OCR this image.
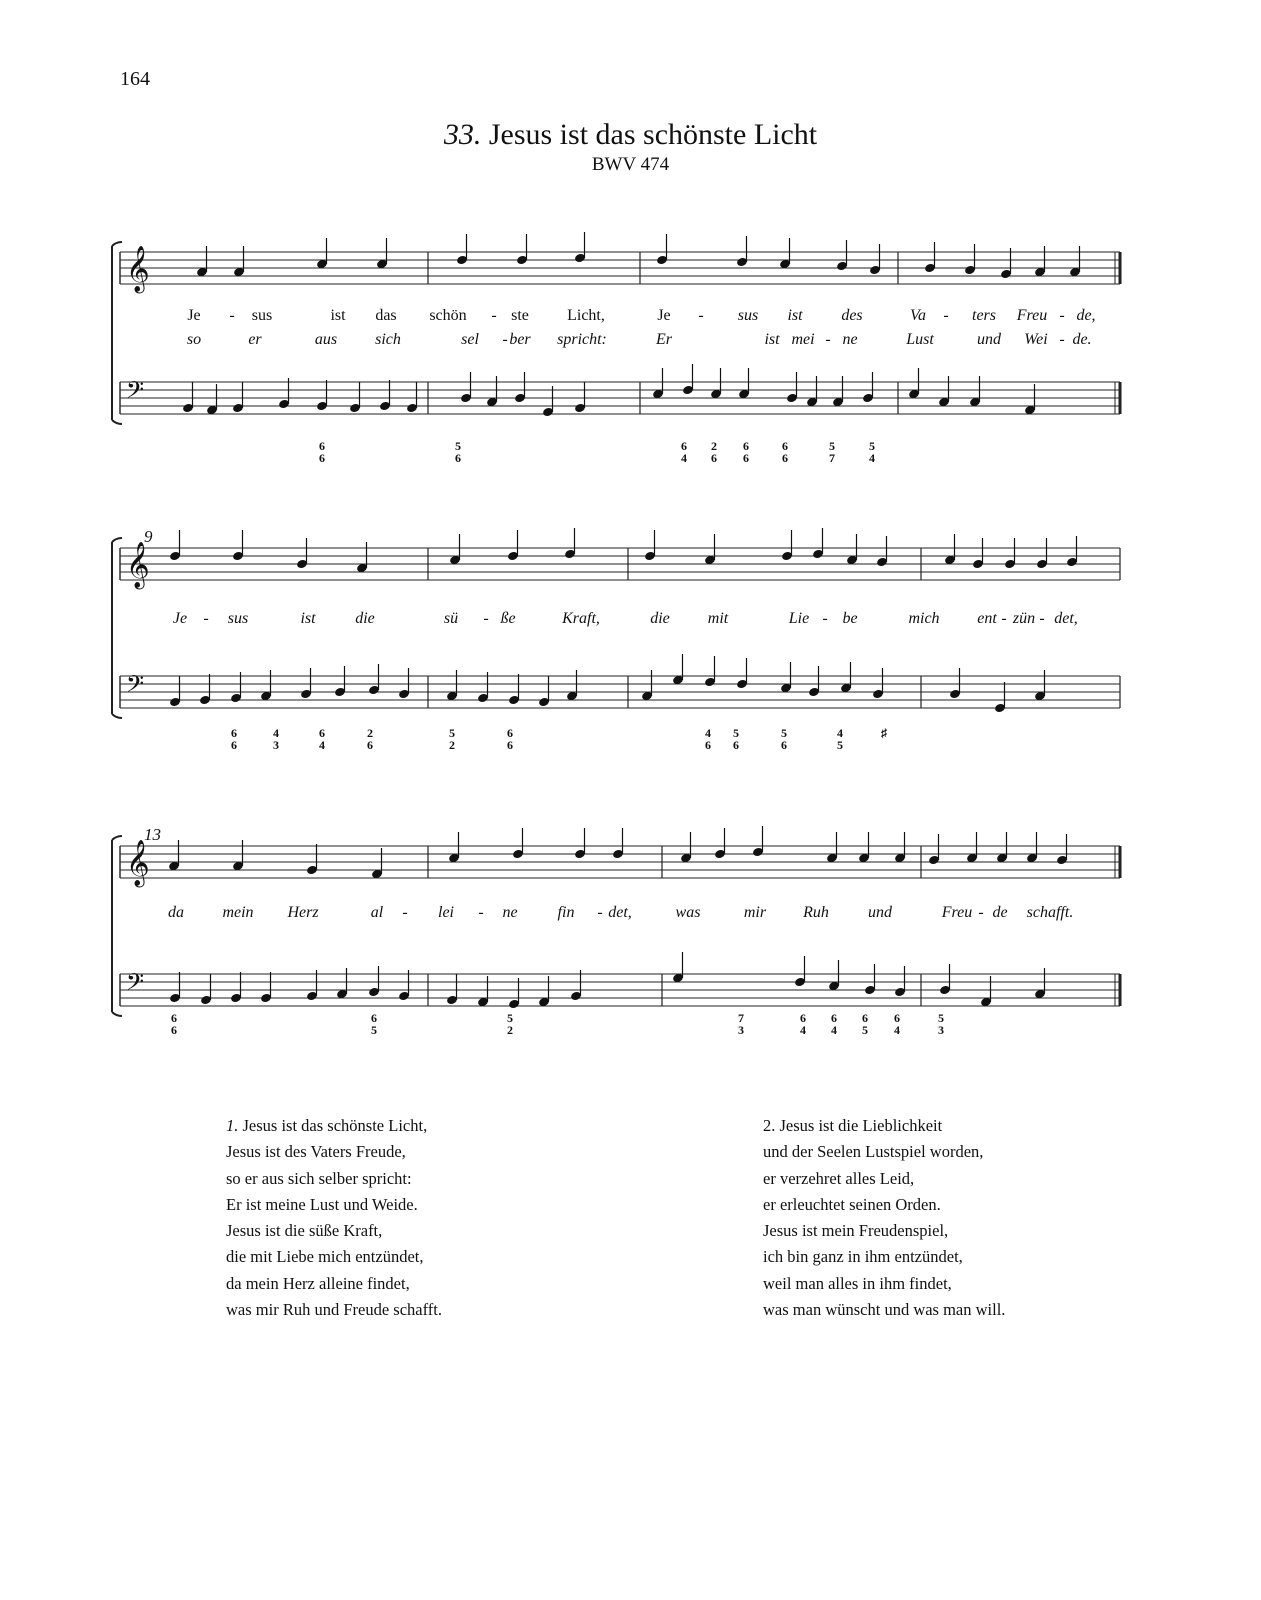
164
33. Jesus ist das schönste Licht
BWV 474
𝄞
𝄢
𝄞
𝄢
𝄞
𝄢
Je - sus	ist das schön - ste Licht,	Je - sus ist des	Va - ters Freu - de,
so	er	aus sich	sel - ber spricht:	Er	ist mei - ne	Lust	und Wei - de.
6
6
5
6
6
4
2
6
6
6
6
6
5
7
5
4
9
Je - sus	ist die	sü - ße	Kraft,	die mit	Lie - be	mich ent - zün - det,
6
6
4
3
6
4
2
6
5
2
6
6
4
6
5
6
5
6
4
5
♯
13
da mein Herz	al - lei - ne	fin - det,	was	mir Ruh und	Freu - de schafft.
6
6
6
5
5
2
7
3
6
4
6
4
6
5
6
4
5
3
1. Jesus ist das schönste Licht,
Jesus ist des Vaters Freude,
so er aus sich selber spricht:
Er ist meine Lust und Weide.
Jesus ist die süße Kraft,
die mit Liebe mich entzündet,
da mein Herz alleine findet,
was mir Ruh und Freude schafft.
2. Jesus ist die Lieblichkeit
und der Seelen Lustspiel worden,
er verzehret alles Leid,
er erleuchtet seinen Orden.
Jesus ist mein Freudenspiel,
ich bin ganz in ihm entzündet,
weil man alles in ihm findet,
was man wünscht und was man will.
